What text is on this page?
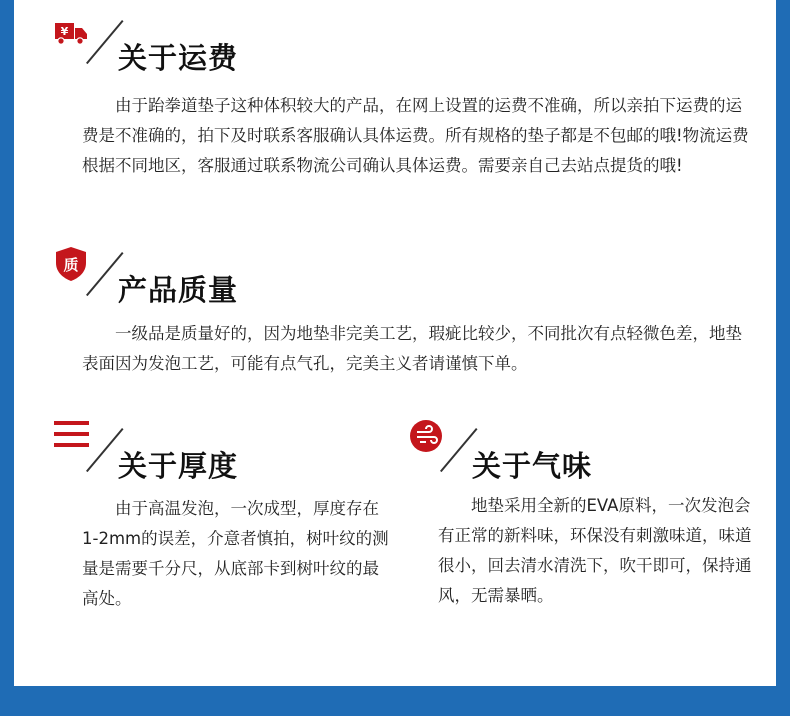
¥
关于运费

由于跆拳道垫子这种体积较大的产品，在网上设置的运费不准确，所以亲拍下运费的运费是不准确的，拍下及时联系客服确认具体运费。所有规格的垫子都是不包邮的哦!物流运费根据不同地区，客服通过联系物流公司确认具体运费。需要亲自己去站点提货的哦!

质
产品质量

一级品是质量好的，因为地垫非完美工艺，瑕疵比较少，不同批次有点轻微色差，地垫表面因为发泡工艺，可能有点气孔，完美主义者请谨慎下单。

关于厚度

由于高温发泡，一次成型，厚度存在1-2mm的误差，介意者慎拍，树叶纹的测量是需要千分尺，从底部卡到树叶纹的最高处。

关于气味

地垫采用全新的EVA原料，一次发泡会有正常的新料味，环保没有刺激味道，味道很小，回去清水清洗下，吹干即可，保持通风，无需暴晒。
